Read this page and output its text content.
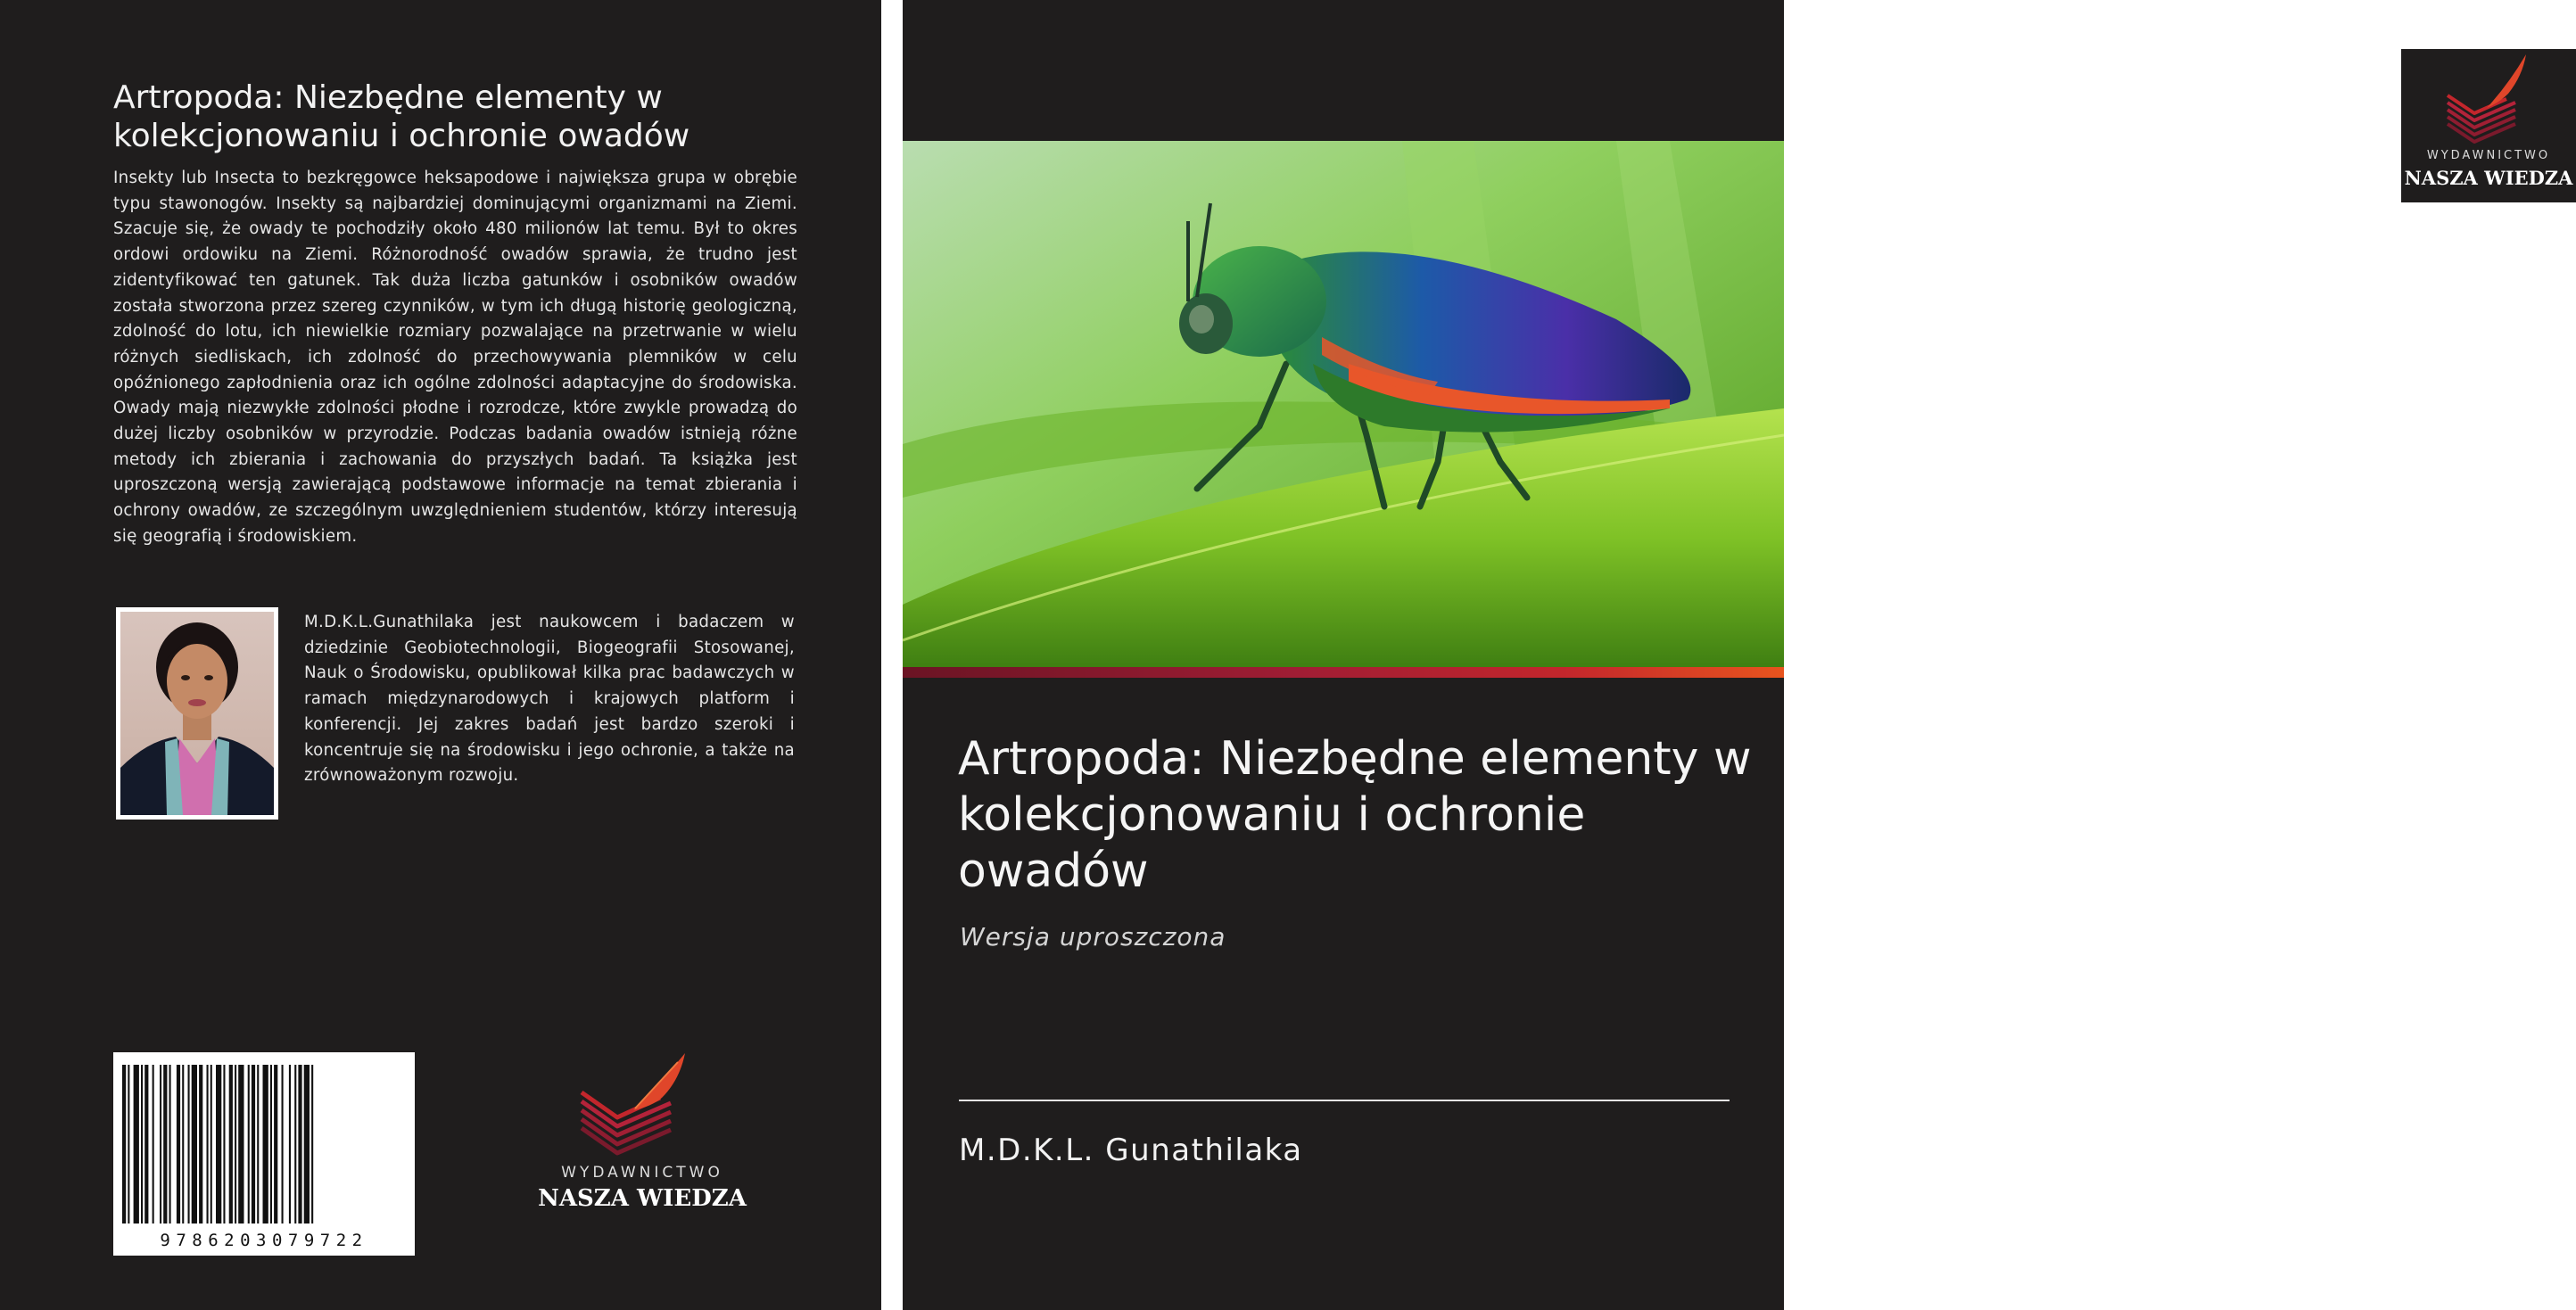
Artropoda: Niezbędne elementy w kolekcjonowaniu i ochronie owadów

Insekty lub Insecta to bezkręgowce heksapodowe i największa grupa w obrębie typu stawonogów. Insekty są najbardziej dominującymi organizmami na Ziemi. Szacuje się, że owady te pochodziły około 480 milionów lat temu. Był to okres ordowi ordowiku na Ziemi. Różnorodność owadów sprawia, że trudno jest zidentyfikować ten gatunek. Tak duża liczba gatunków i osobników owadów została stworzona przez szereg czynników, w tym ich długą historię geologiczną, zdolność do lotu, ich niewielkie rozmiary pozwalające na przetrwanie w wielu różnych siedliskach, ich zdolność do przechowywania plemników w celu opóźnionego zapłodnienia oraz ich ogólne zdolności adaptacyjne do środowiska. Owady mają niezwykłe zdolności płodne i rozrodcze, które zwykle prowadzą do dużej liczby osobników w przyrodzie. Podczas badania owadów istnieją różne metody ich zbierania i zachowania do przyszłych badań. Ta książka jest uproszczoną wersją zawierającą podstawowe informacje na temat zbierania i ochrony owadów, ze szczególnym uwzględnieniem studentów, którzy interesują się geografią i środowiskiem.

M.D.K.L.Gunathilaka jest naukowcem i badaczem w dziedzinie Geobiotechnologii, Biogeografii Stosowanej, Nauk o Środowisku, opublikował kilka prac badawczych w ramach międzynarodowych i krajowych platform i konferencji. Jej zakres badań jest bardzo szeroki i koncentruje się na środowisku i jego ochronie, a także na zrównoważonym rozwoju.

9786203079722
WYDAWNICTWO
NASZA WIEDZA
WYDAWNICTWO
NASZA WIEDZA
Artropoda: Niezbędne elementy w kolekcjonowaniu i ochronie owadów
Wersja uproszczona
M.D.K.L. Gunathilaka
